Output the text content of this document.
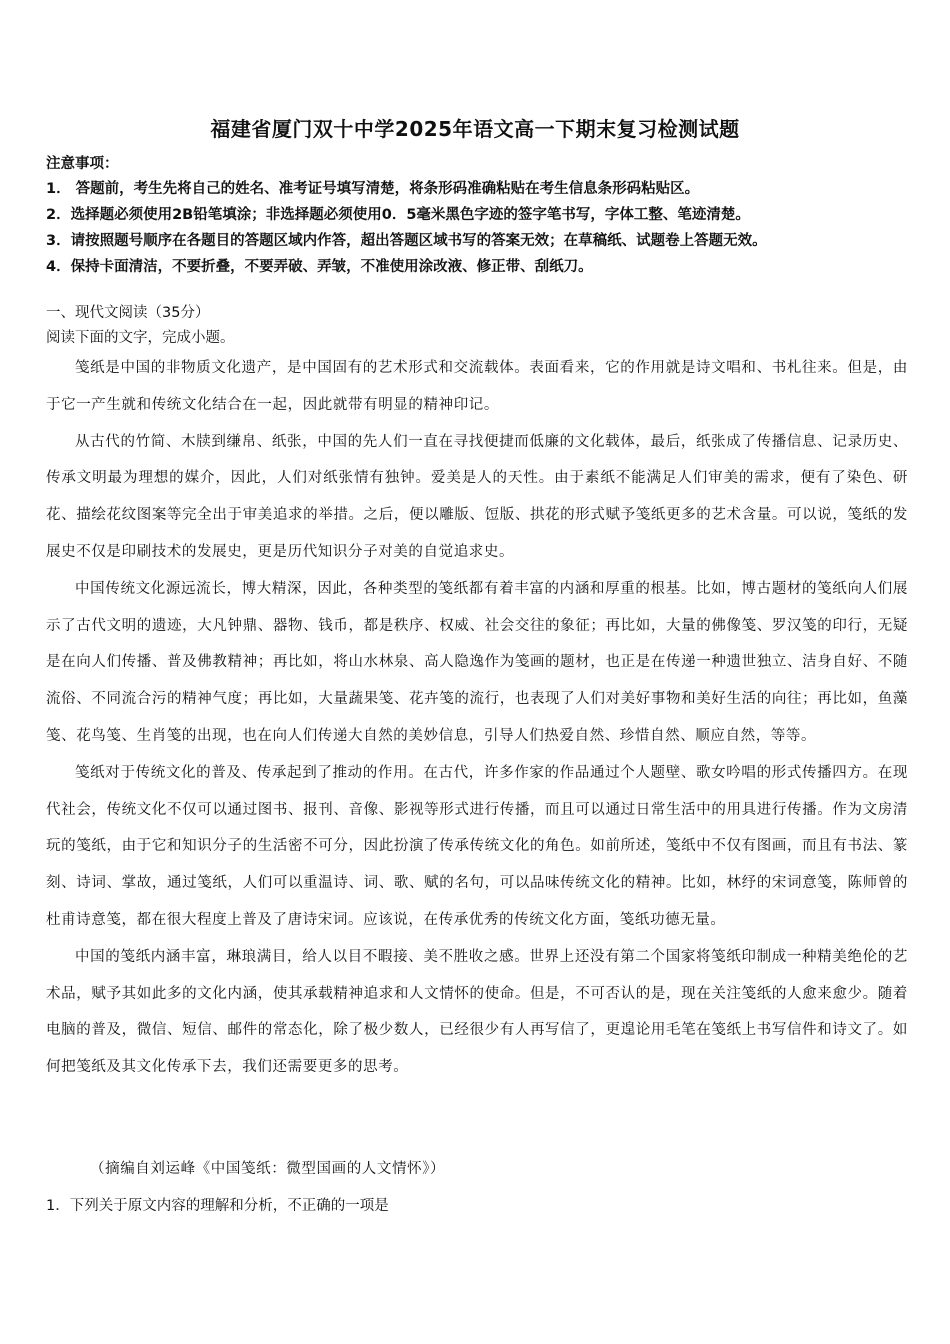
福建省厦门双十中学2025年语文高一下期末复习检测试题
注意事项：
1． 答题前，考生先将自己的姓名、准考证号填写清楚，将条形码准确粘贴在考生信息条形码粘贴区。
2．选择题必须使用2B铅笔填涂；非选择题必须使用0．5毫米黑色字迹的签字笔书写，字体工整、笔迹清楚。
3．请按照题号顺序在各题目的答题区域内作答，超出答题区域书写的答案无效；在草稿纸、试题卷上答题无效。
4．保持卡面清洁，不要折叠，不要弄破、弄皱，不准使用涂改液、修正带、刮纸刀。
一、现代文阅读（35分）
阅读下面的文字，完成小题。

笺纸是中国的非物质文化遗产，是中国固有的艺术形式和交流载体。表面看来，它的作用就是诗文唱和、书札往来。但是，由于它一产生就和传统文化结合在一起，因此就带有明显的精神印记。

从古代的竹简、木牍到缣帛、纸张，中国的先人们一直在寻找便捷而低廉的文化载体，最后，纸张成了传播信息、记录历史、传承文明最为理想的媒介，因此，人们对纸张情有独钟。爱美是人的天性。由于素纸不能满足人们审美的需求，便有了染色、研花、描绘花纹图案等完全出于审美追求的举措。之后，便以雕版、饾版、拱花的形式赋予笺纸更多的艺术含量。可以说，笺纸的发展史不仅是印刷技术的发展史，更是历代知识分子对美的自觉追求史。

中国传统文化源远流长，博大精深，因此，各种类型的笺纸都有着丰富的内涵和厚重的根基。比如，博古题材的笺纸向人们展示了古代文明的遗迹，大凡钟鼎、器物、钱币，都是秩序、权威、社会交往的象征；再比如，大量的佛像笺、罗汉笺的印行，无疑是在向人们传播、普及佛教精神；再比如，将山水林泉、高人隐逸作为笺画的题材，也正是在传递一种遗世独立、洁身自好、不随流俗、不同流合污的精神气度；再比如，大量蔬果笺、花卉笺的流行，也表现了人们对美好事物和美好生活的向往；再比如，鱼藻笺、花鸟笺、生肖笺的出现，也在向人们传递大自然的美妙信息，引导人们热爱自然、珍惜自然、顺应自然，等等。

笺纸对于传统文化的普及、传承起到了推动的作用。在古代，许多作家的作品通过个人题壁、歌女吟唱的形式传播四方。在现代社会，传统文化不仅可以通过图书、报刊、音像、影视等形式进行传播，而且可以通过日常生活中的用具进行传播。作为文房清玩的笺纸，由于它和知识分子的生活密不可分，因此扮演了传承传统文化的角色。如前所述，笺纸中不仅有图画，而且有书法、篆刻、诗词、掌故，通过笺纸，人们可以重温诗、词、歌、赋的名句，可以品味传统文化的精神。比如，林纾的宋词意笺，陈师曾的杜甫诗意笺，都在很大程度上普及了唐诗宋词。应该说，在传承优秀的传统文化方面，笺纸功德无量。

中国的笺纸内涵丰富，琳琅满目，给人以目不暇接、美不胜收之感。世界上还没有第二个国家将笺纸印制成一种精美绝伦的艺术品，赋予其如此多的文化内涵，使其承载精神追求和人文情怀的使命。但是，不可否认的是，现在关注笺纸的人愈来愈少。随着电脑的普及，微信、短信、邮件的常态化，除了极少数人，已经很少有人再写信了，更遑论用毛笔在笺纸上书写信件和诗文了。如何把笺纸及其文化传承下去，我们还需要更多的思考。

（摘编自刘运峰《中国笺纸：微型国画的人文情怀》）
1．下列关于原文内容的理解和分析，不正确的一项是
